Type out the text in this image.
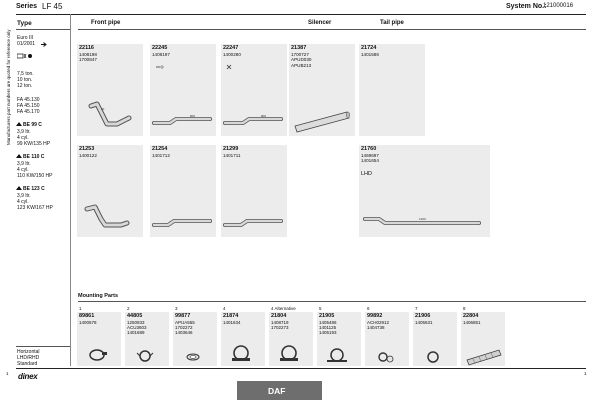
Series LF 45	System No.:
121000016
Manufacturers part numbers are quoted for reference only
Type
Euro III
01/2001
7,5 ton.
10 ton.
12 ton.
FA 45.130
FA 45.150
FA 45.170
BE 99 C
3,9 ltr.
4 cyl.
99 KW/135 HP
BE 110 C
3,9 ltr.
4 cyl.
110 KW/150 HP
BE 123 C
3,9 ltr.
4 cyl.
123 KW/167 HP
Horizontal
LHD/RHD
Standard
Front pipe	Silencer	Tail pipe
22116
1408198
1700847
30
22245
1408197
800
22247
1400280
800
21387
1700727
APUD030
APUB213
21724
1401586
21253
1400122
21254
1401712
21299
1401711
21760
1469697
1401654
LHD
1300
Mounting Parts
1
89861
1400678
2
44805
1250933
ACU3603
1401689
3
99877
APUA555
1702272
1403646
4
21874
1401634
4 Alternative
21804
1408719
1702273
5
21905
1405486
1401125
1405193
6
99892
ACH02912
1404738
7
21906
1405631
8
22804
1406851
1	1
dinex
DAF
